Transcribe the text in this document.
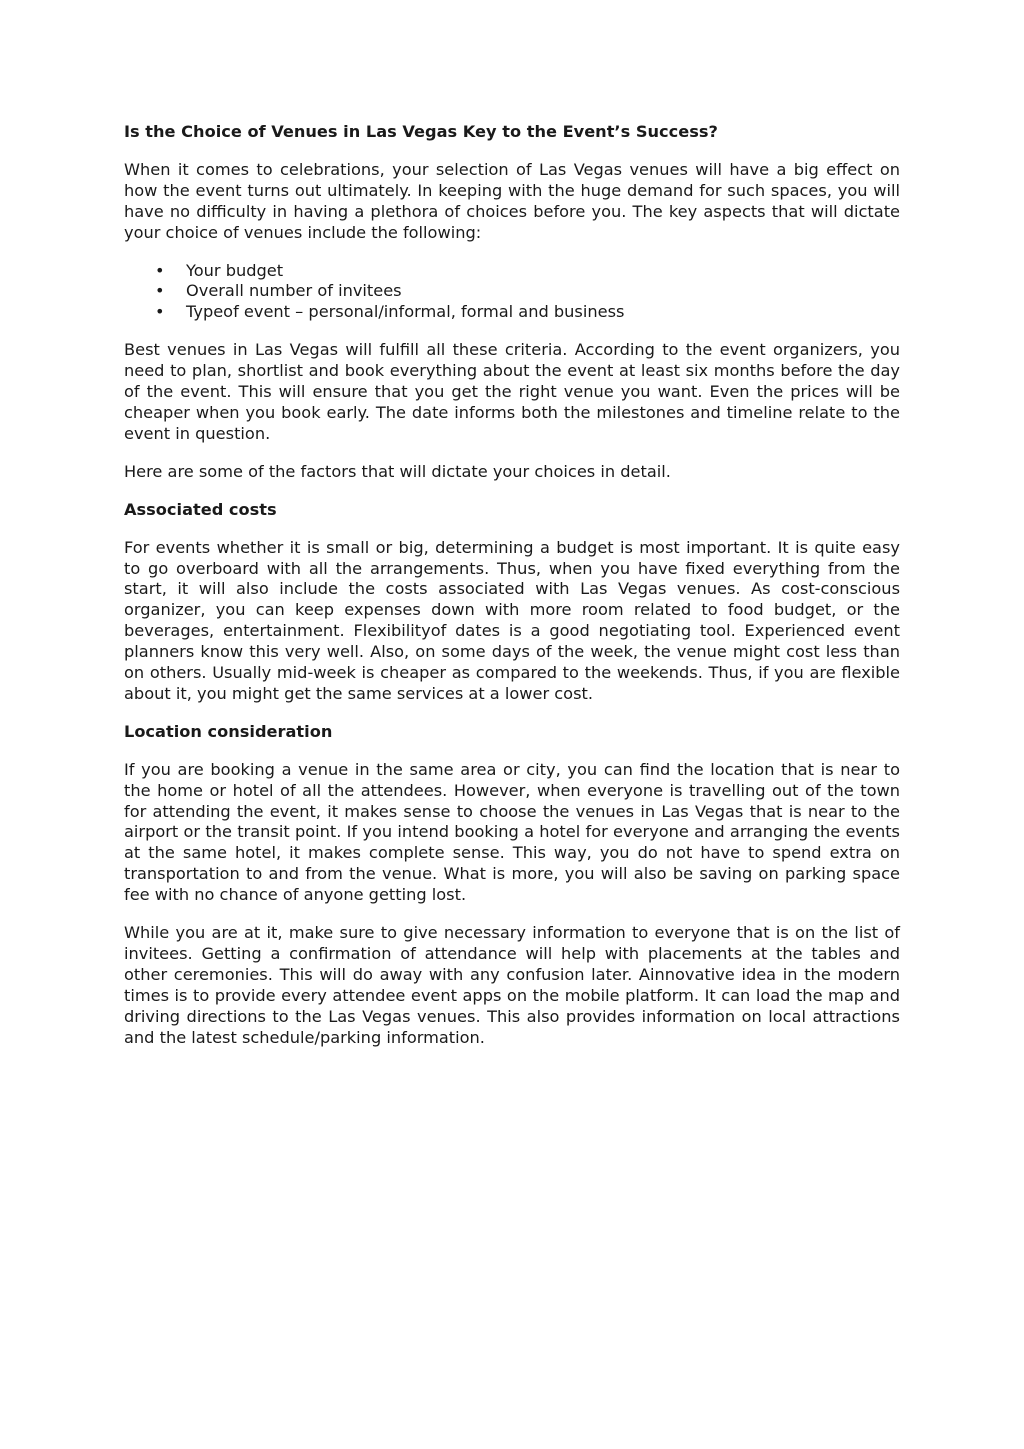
Is the Choice of Venues in Las Vegas Key to the Event’s Success?

When it comes to celebrations, your selection of Las Vegas venues will have a big effect on how the event turns out ultimately. In keeping with the huge demand for such spaces, you will have no difficulty in having a plethora of choices before you. The key aspects that will dictate your choice of venues include the following:

• Your budget
• Overall number of invitees
• Typeof event – personal/informal, formal and business

Best venues in Las Vegas will fulfill all these criteria. According to the event organizers, you need to plan, shortlist and book everything about the event at least six months before the day of the event. This will ensure that you get the right venue you want. Even the prices will be cheaper when you book early. The date informs both the milestones and timeline relate to the event in question.

Here are some of the factors that will dictate your choices in detail.

Associated costs

For events whether it is small or big, determining a budget is most important. It is quite easy to go overboard with all the arrangements. Thus, when you have fixed everything from the start, it will also include the costs associated with Las Vegas venues. As cost-conscious organizer, you can keep expenses down with more room related to food budget, or the beverages, entertainment. Flexibilityof dates is a good negotiating tool. Experienced event planners know this very well. Also, on some days of the week, the venue might cost less than on others. Usually mid-week is cheaper as compared to the weekends. Thus, if you are flexible about it, you might get the same services at a lower cost.

Location consideration

If you are booking a venue in the same area or city, you can find the location that is near to the home or hotel of all the attendees. However, when everyone is travelling out of the town for attending the event, it makes sense to choose the venues in Las Vegas that is near to the airport or the transit point. If you intend booking a hotel for everyone and arranging the events at the same hotel, it makes complete sense. This way, you do not have to spend extra on transportation to and from the venue. What is more, you will also be saving on parking space fee with no chance of anyone getting lost.

While you are at it, make sure to give necessary information to everyone that is on the list of invitees. Getting a confirmation of attendance will help with placements at the tables and other ceremonies. This will do away with any confusion later. Ainnovative idea in the modern times is to provide every attendee event apps on the mobile platform. It can load the map and driving directions to the Las Vegas venues. This also provides information on local attractions and the latest schedule/parking information.
